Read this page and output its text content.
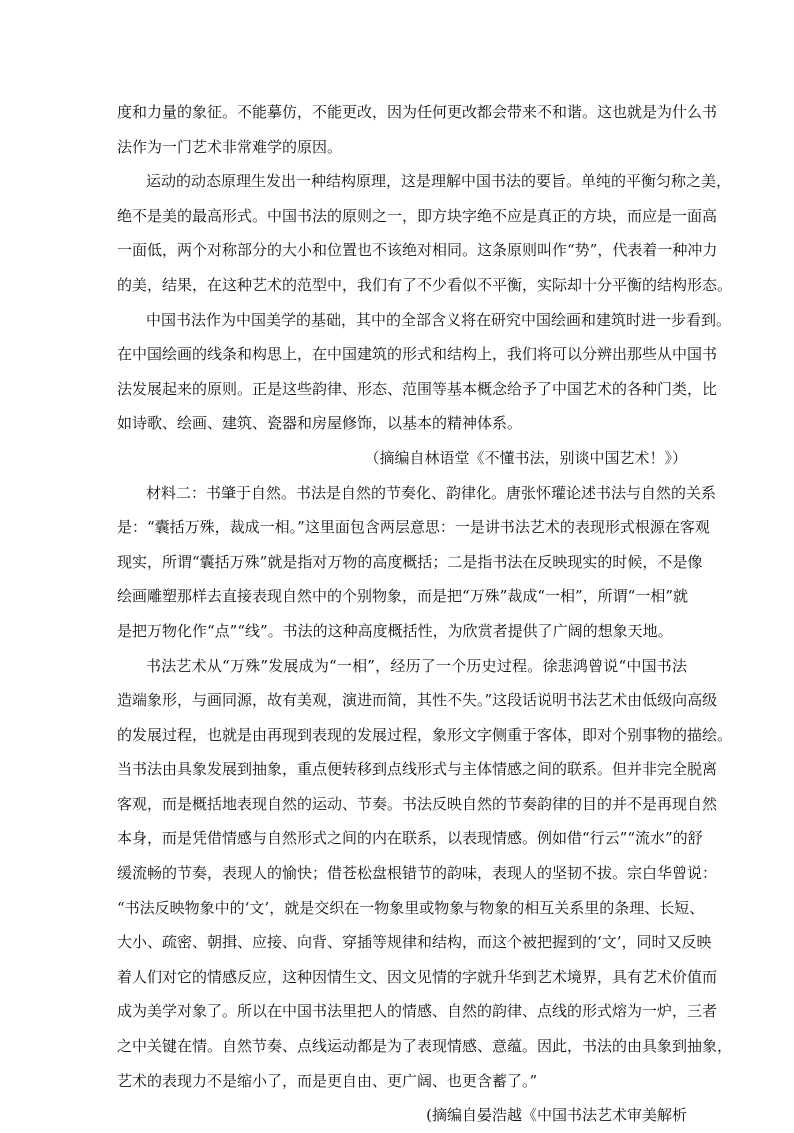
度和力量的象征。不能摹仿，不能更改，因为任何更改都会带来不和谐。这也就是为什么书
法作为一门艺术非常难学的原因。
运动的动态原理生发出一种结构原理，这是理解中国书法的要旨。单纯的平衡匀称之美，
绝不是美的最高形式。中国书法的原则之一，即方块字绝不应是真正的方块，而应是一面高
一面低，两个对称部分的大小和位置也不该绝对相同。这条原则叫作“势”，代表着一种冲力
的美，结果，在这种艺术的范型中，我们有了不少看似不平衡，实际却十分平衡的结构形态。
中国书法作为中国美学的基础，其中的全部含义将在研究中国绘画和建筑时进一步看到。
在中国绘画的线条和构思上，在中国建筑的形式和结构上，我们将可以分辨出那些从中国书
法发展起来的原则。正是这些韵律、形态、范围等基本概念给予了中国艺术的各种门类，比
如诗歌、绘画、建筑、瓷器和房屋修饰，以基本的精神体系。
（摘编自林语堂《不懂书法，别谈中国艺术！》）
材料二：书肇于自然。书法是自然的节奏化、韵律化。唐张怀瓘论述书法与自然的关系
是：“囊括万殊，裁成一相。”这里面包含两层意思：一是讲书法艺术的表现形式根源在客观
现实，所谓“囊括万殊”就是指对万物的高度概括；二是指书法在反映现实的时候，不是像
绘画雕塑那样去直接表现自然中的个别物象，而是把“万殊”裁成“一相”，所谓“一相”就
是把万物化作“点”“线”。书法的这种高度概括性，为欣赏者提供了广阔的想象天地。
书法艺术从“万殊”发展成为“一相”，经历了一个历史过程。徐悲鸿曾说“中国书法
造端象形，与画同源，故有美观，演进而简，其性不失。”这段话说明书法艺术由低级向高级
的发展过程，也就是由再现到表现的发展过程，象形文字侧重于客体，即对个别事物的描绘。
当书法由具象发展到抽象，重点便转移到点线形式与主体情感之间的联系。但并非完全脱离
客观，而是概括地表现自然的运动、节奏。书法反映自然的节奏韵律的目的并不是再现自然
本身，而是凭借情感与自然形式之间的内在联系，以表现情感。例如借“行云”“流水”的舒
缓流畅的节奏，表现人的愉快；借苍松盘根错节的韵味，表现人的坚韧不拔。宗白华曾说：
“书法反映物象中的‘文’，就是交织在一物象里或物象与物象的相互关系里的条理、长短、
大小、疏密、朝揖、应接、向背、穿插等规律和结构，而这个被把握到的‘文’，同时又反映
着人们对它的情感反应，这种因情生文、因文见情的字就升华到艺术境界，具有艺术价值而
成为美学对象了。所以在中国书法里把人的情感、自然的韵律、点线的形式熔为一炉，三者
之中关键在情。自然节奏、点线运动都是为了表现情感、意蕴。因此，书法的由具象到抽象，
艺术的表现力不是缩小了，而是更自由、更广阔、也更含蓄了。”
(摘编自晏浩越《中国书法艺术审美解析
